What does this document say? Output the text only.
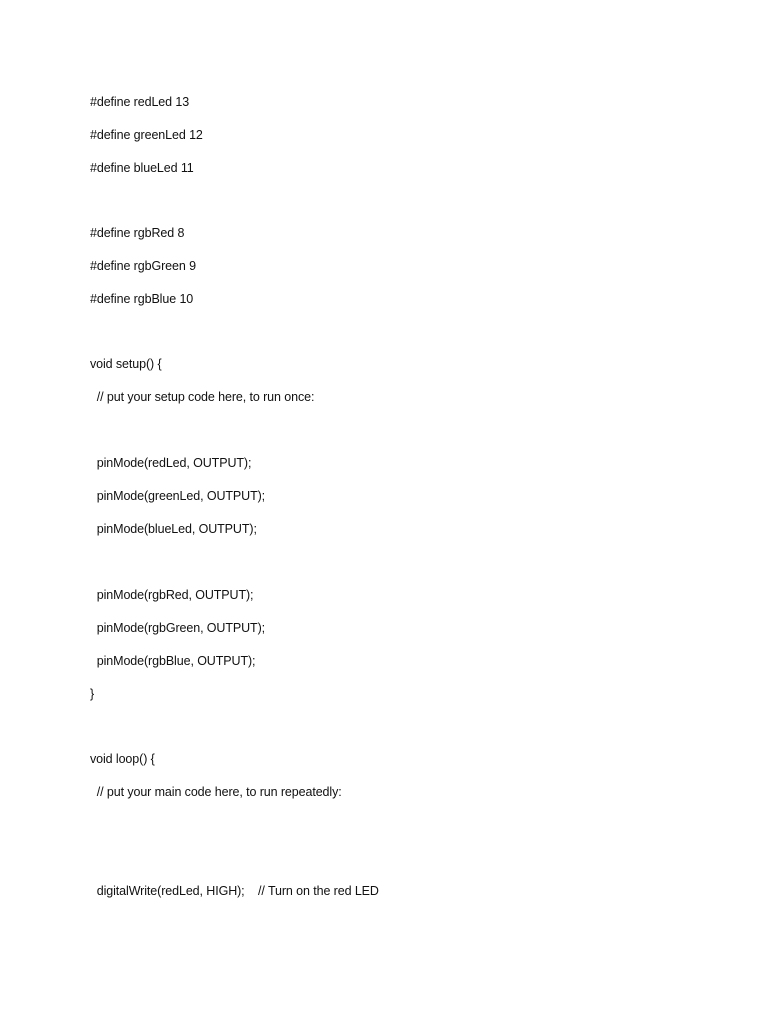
#define redLed 13
#define greenLed 12
#define blueLed 11
#define rgbRed 8
#define rgbGreen 9
#define rgbBlue 10
void setup() {
// put your setup code here, to run once:
pinMode(redLed, OUTPUT);
pinMode(greenLed, OUTPUT);
pinMode(blueLed, OUTPUT);
pinMode(rgbRed, OUTPUT);
pinMode(rgbGreen, OUTPUT);
pinMode(rgbBlue, OUTPUT);
}
void loop() {
// put your main code here, to run repeatedly:
digitalWrite(redLed, HIGH);    // Turn on the red LED
